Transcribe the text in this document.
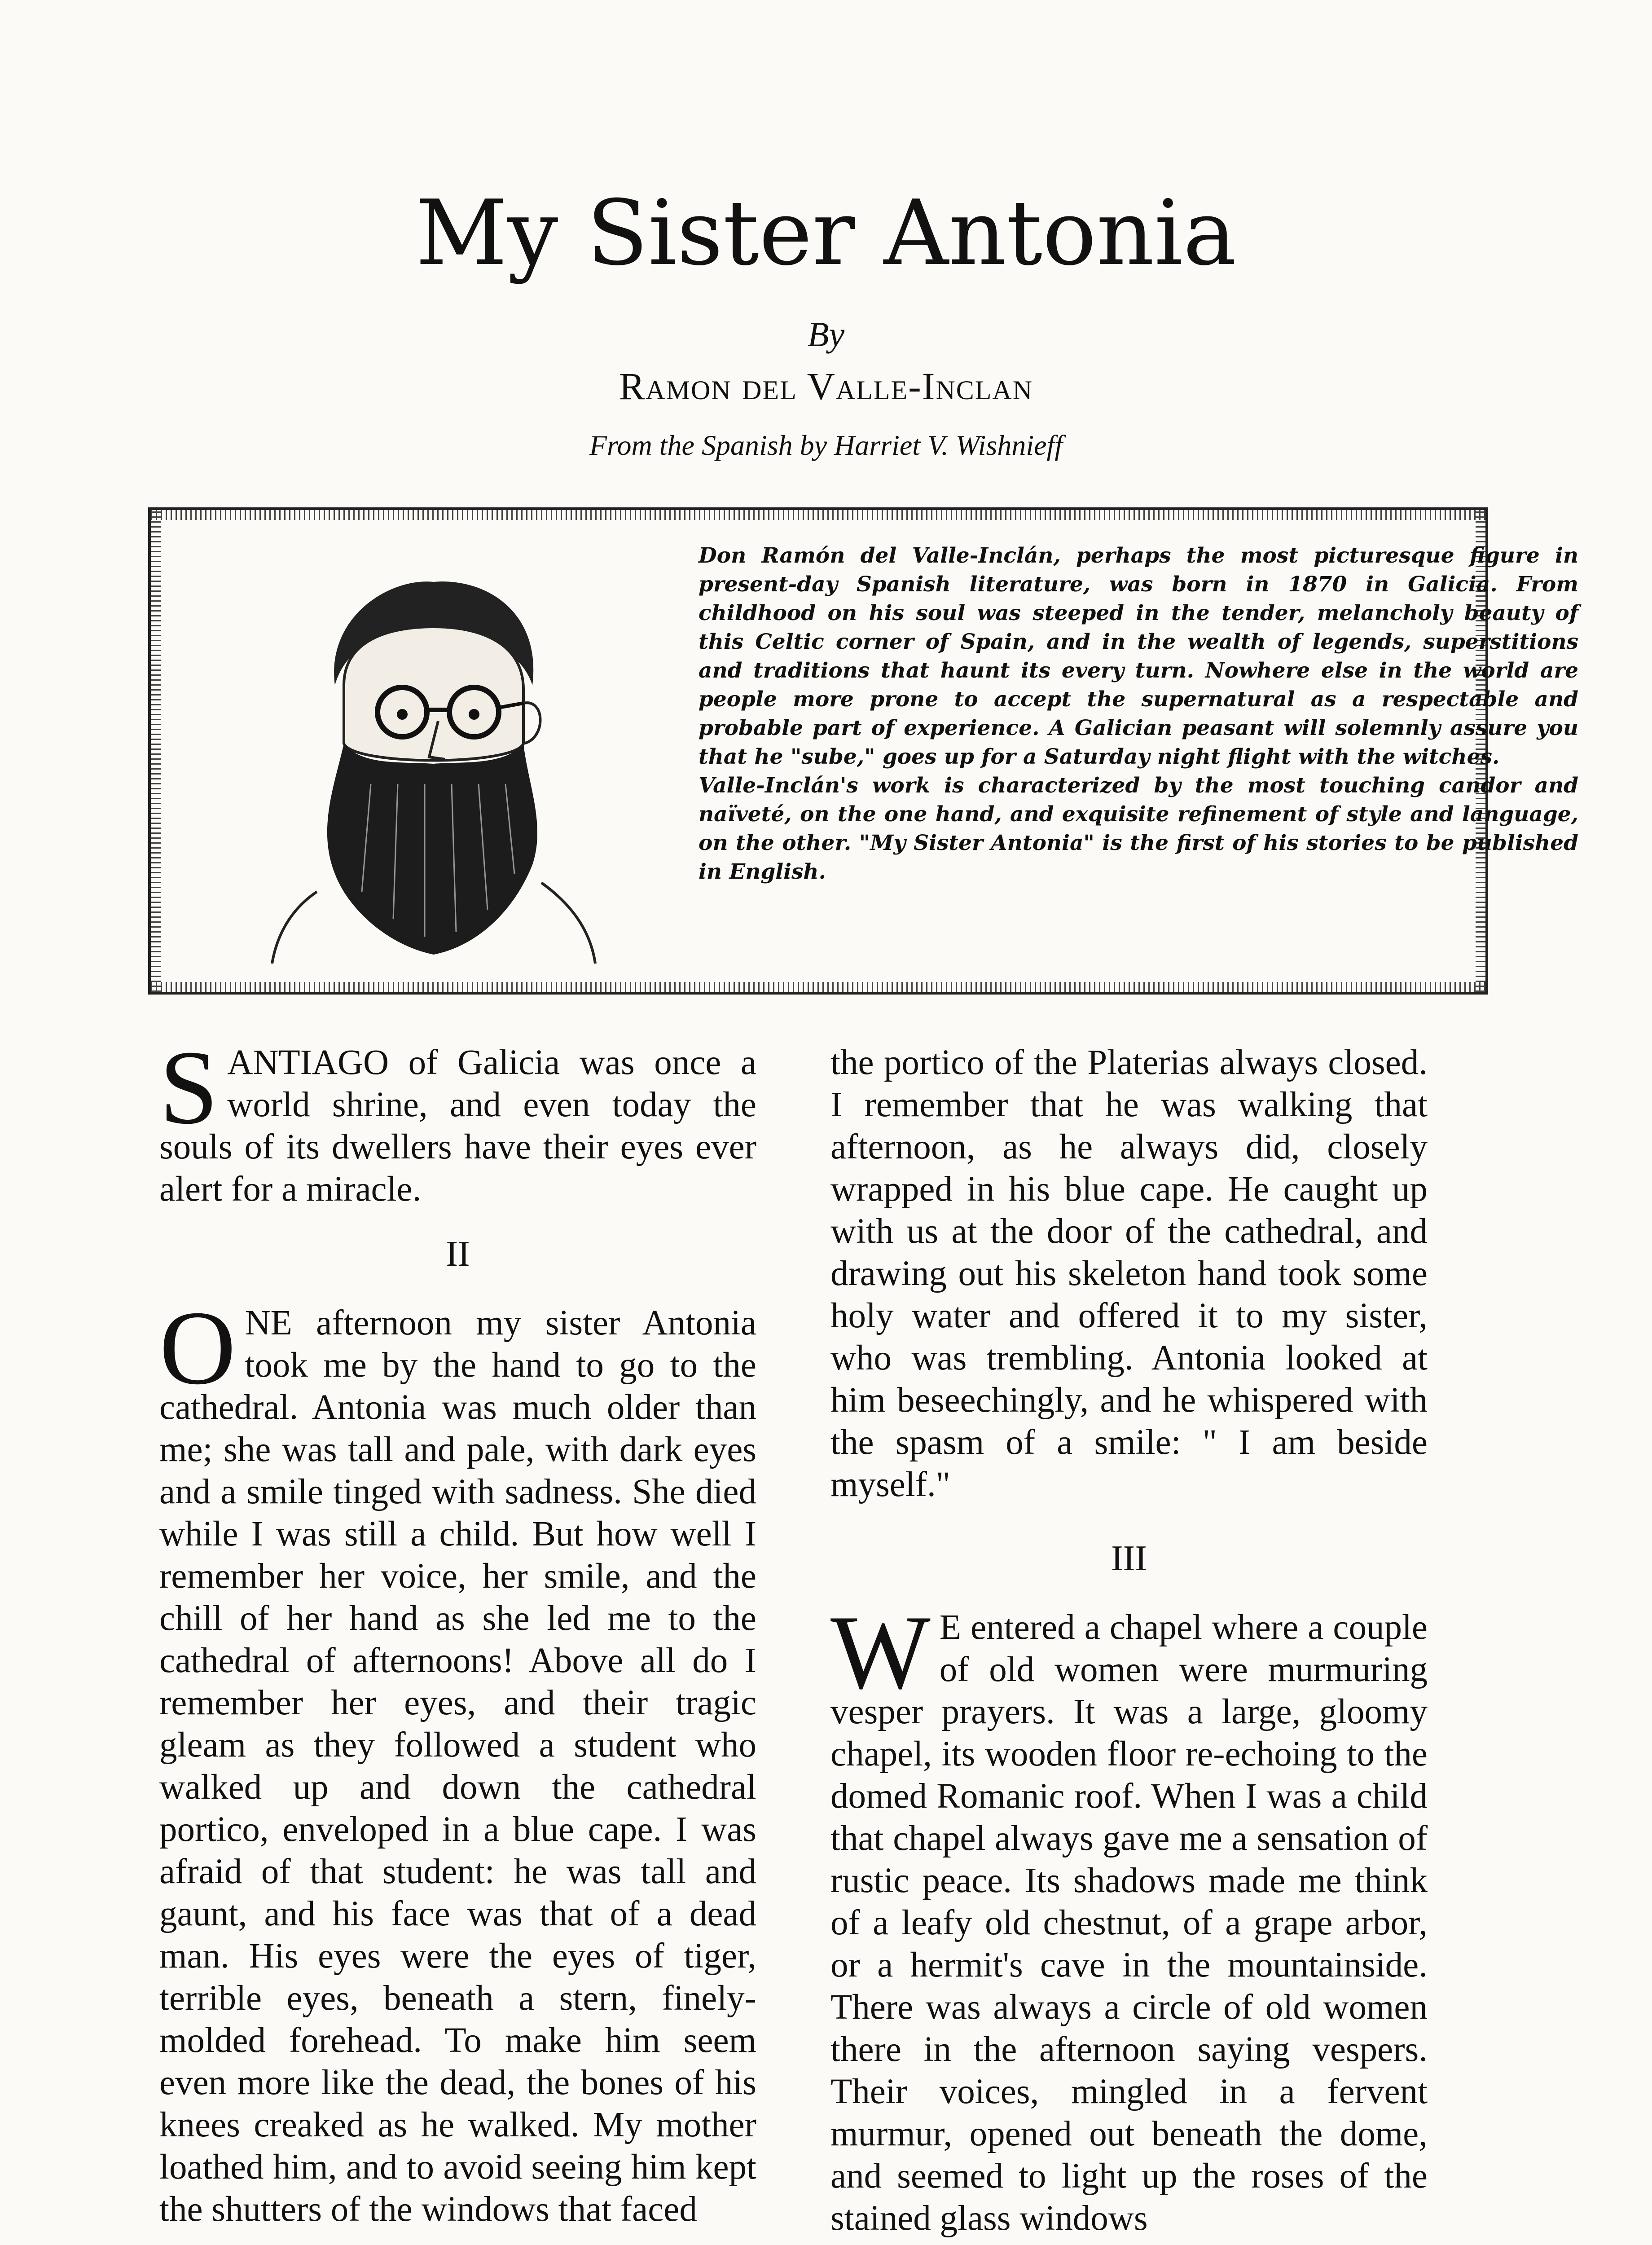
My Sister Antonia
By
Ramon del Valle-Inclan
From the Spanish by Harriet V. Wishnieff

Don Ramón del Valle-Inclán, perhaps the most picturesque figure in present-day Spanish literature, was born in 1870 in Galicia. From childhood on his soul was steeped in the tender, melancholy beauty of this Celtic corner of Spain, and in the wealth of legends, superstitions and traditions that haunt its every turn. Nowhere else in the world are people more prone to accept the supernatural as a respectable and probable part of experience. A Galician peasant will solemnly assure you that he "sube," goes up for a Saturday night flight with the witches.

Valle-Inclán's work is characterized by the most touching candor and naïveté, on the one hand, and exquisite refinement of style and language, on the other. "My Sister Antonia" is the first of his stories to be published in English.

SANTIAGO of Galicia was once a world shrine, and even today the souls of its dwellers have their eyes ever alert for a miracle.

II

ONE afternoon my sister Antonia took me by the hand to go to the cathedral. Antonia was much older than me; she was tall and pale, with dark eyes and a smile tinged with sadness. She died while I was still a child. But how well I remember her voice, her smile, and the chill of her hand as she led me to the cathedral of afternoons! Above all do I remember her eyes, and their tragic gleam as they followed a student who walked up and down the cathedral portico, enveloped in a blue cape. I was afraid of that student: he was tall and gaunt, and his face was that of a dead man. His eyes were the eyes of tiger, terrible eyes, beneath a stern, finely-molded forehead. To make him seem even more like the dead, the bones of his knees creaked as he walked. My mother loathed him, and to avoid seeing him kept the shutters of the windows that faced

the portico of the Platerias always closed. I remember that he was walking that afternoon, as he always did, closely wrapped in his blue cape. He caught up with us at the door of the cathedral, and drawing out his skeleton hand took some holy water and offered it to my sister, who was trembling. Antonia looked at him beseechingly, and he whispered with the spasm of a smile: " I am beside myself."

III

W E entered a chapel where a couple of old women were murmuring vesper prayers. It was a large, gloomy chapel, its wooden floor re-echoing to the domed Romanic roof. When I was a child that chapel always gave me a sensation of rustic peace. Its shadows made me think of a leafy old chestnut, of a grape arbor, or a hermit's cave in the mountainside. There was always a circle of old women there in the afternoon saying vespers. Their voices, mingled in a fervent murmur, opened out beneath the dome, and seemed to light up the roses of the stained glass windows
